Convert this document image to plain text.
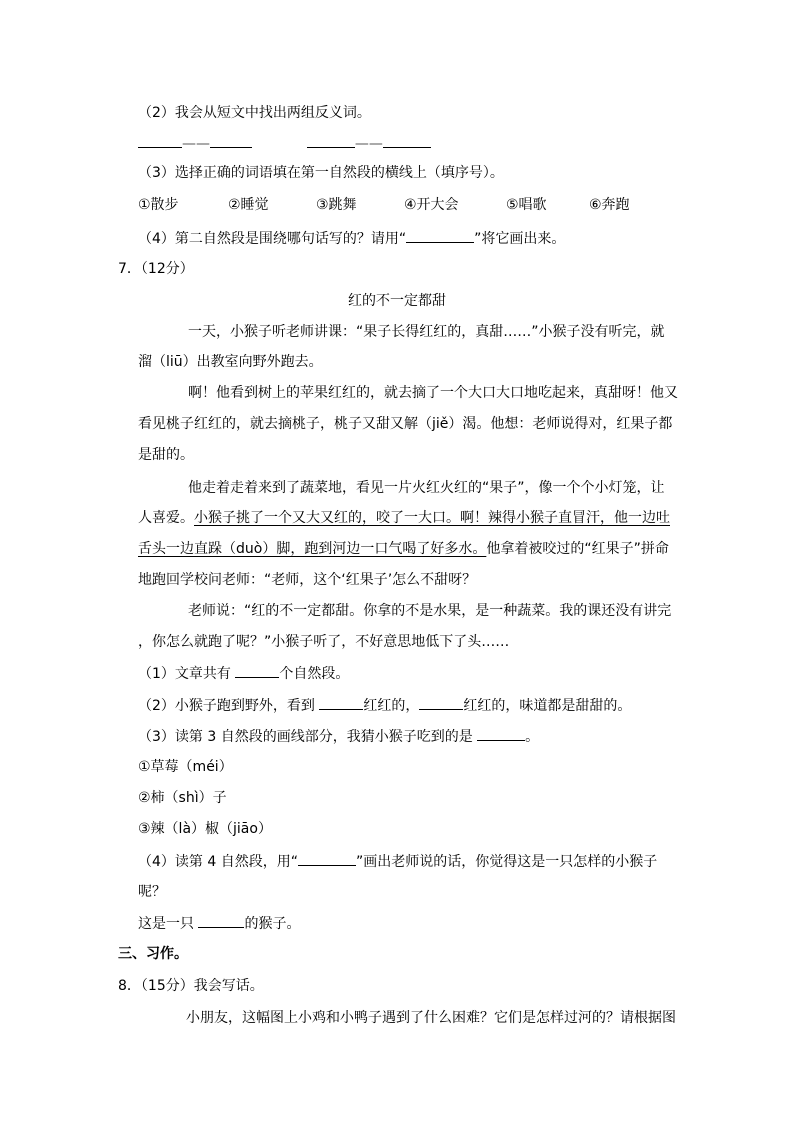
（2）我会从短文中找出两组反义词。
——	——
（3）选择正确的词语填在第一自然段的横线上（填序号）。
①散步	②睡觉	③跳舞	④开大会	⑤唱歌	⑥奔跑
（4）第二自然段是围绕哪句话写的？请用“	”将它画出来。
7．（12分）
红的不一定都甜
一天，小猴子听老师讲课：“果子长得红红的，真甜……”小猴子没有听完，就
溜（liū）出教室向野外跑去。
啊！他看到树上的苹果红红的，就去摘了一个大口大口地吃起来，真甜呀！他又
看见桃子红红的，就去摘桃子，桃子又甜又解（jiě）渴。他想：老师说得对，红果子都
是甜的。
他走着走着来到了蔬菜地，看见一片火红火红的“果子”，像一个个小灯笼，让
人喜爱。小猴子挑了一个又大又红的，咬了一大口。啊！辣得小猴子直冒汗，他一边吐
舌头一边直跺（duò）脚，跑到河边一口气喝了好多水。他拿着被咬过的“红果子”拼命
地跑回学校问老师：“老师，这个‘红果子’怎么不甜呀？
老师说：“红的不一定都甜。你拿的不是水果，是一种蔬菜。我的课还没有讲完
，你怎么就跑了呢？”小猴子听了，不好意思地低下了头……
（1）文章共有	个自然段。
（2）小猴子跑到野外，看到	红红的，	红红的，味道都是甜甜的。
（3）读第 3 自然段的画线部分，我猜小猴子吃到的是	。
①草莓（méi）
②柿（shì）子
③辣（là）椒（jiāo）
（4）读第 4 自然段，用“	”画出老师说的话，你觉得这是一只怎样的小猴子
呢？
这是一只	的猴子。
三、习作。
8．（15分）我会写话。
小朋友，这幅图上小鸡和小鸭子遇到了什么困难？它们是怎样过河的？请根据图
